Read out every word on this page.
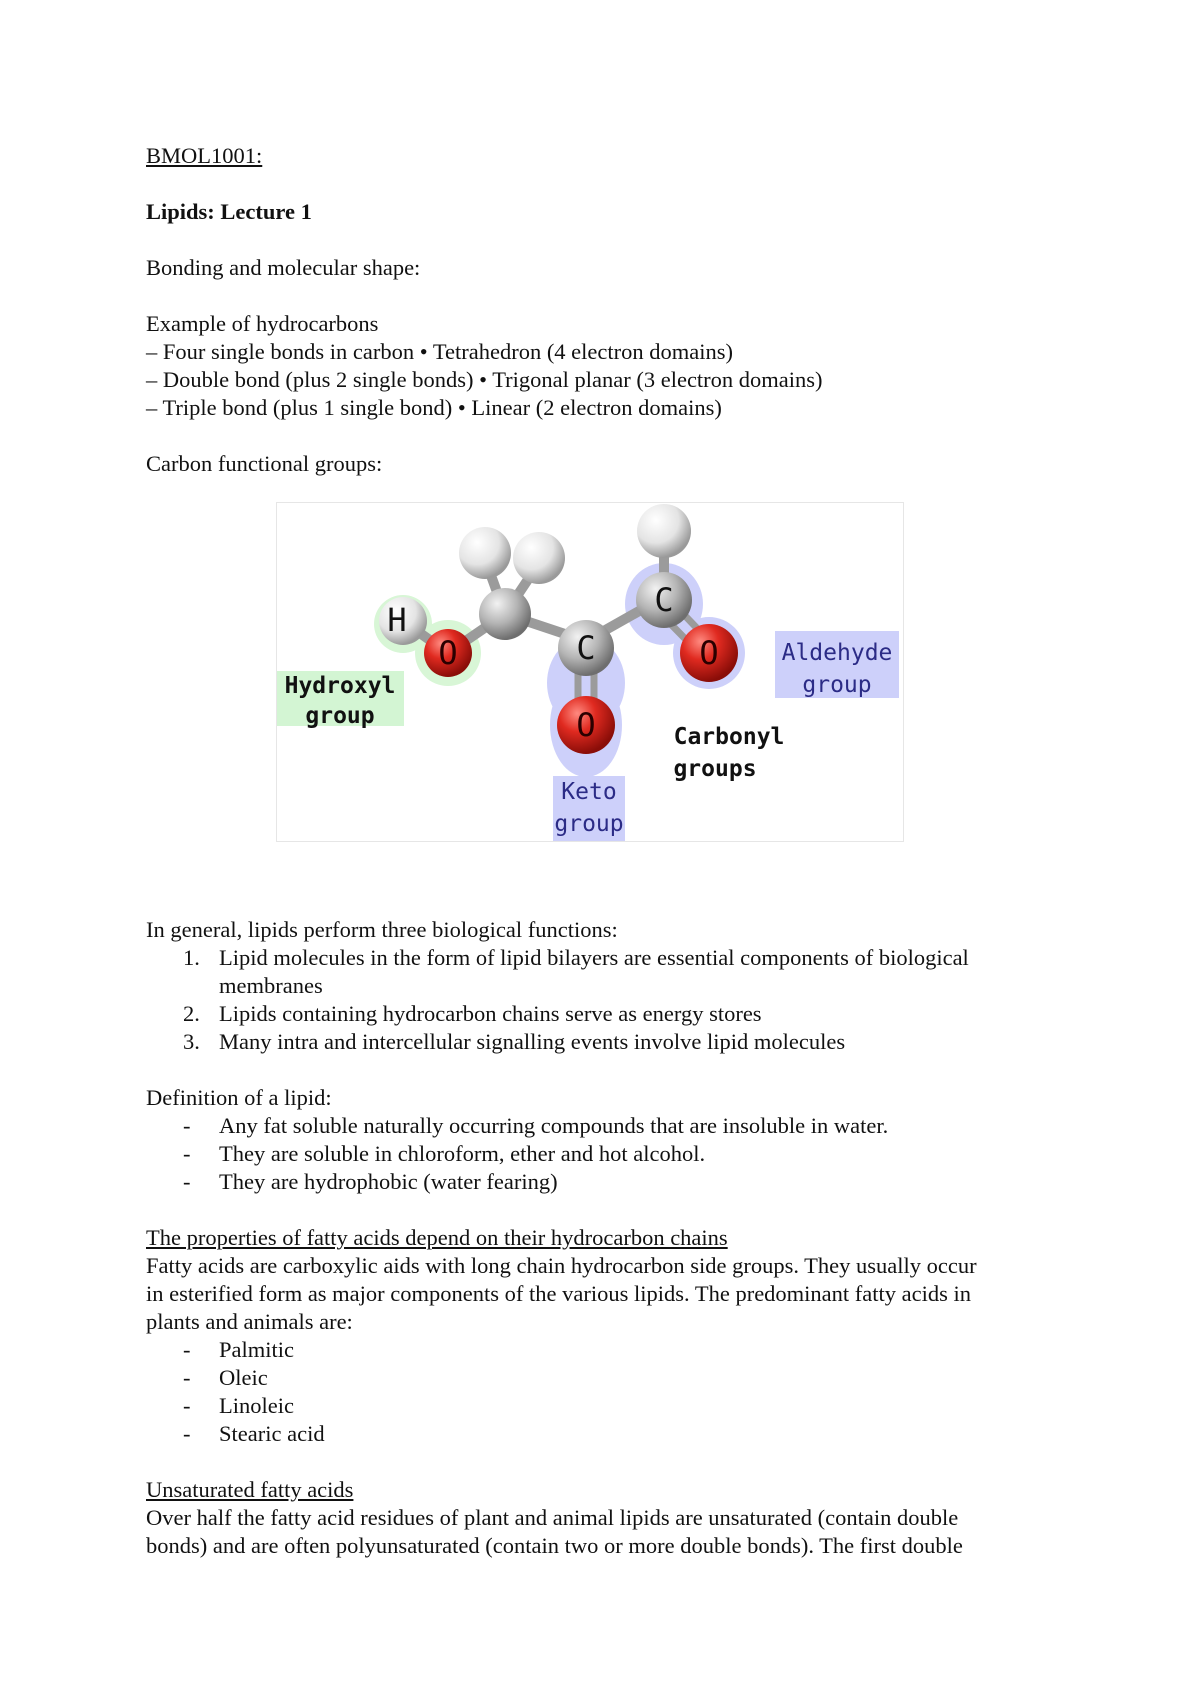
BMOL1001:

Lipids: Lecture 1

Bonding and molecular shape:

Example of hydrocarbons

– Four single bonds in carbon • Tetrahedron (4 electron domains)

– Double bond (plus 2 single bonds) • Trigonal planar (3 electron domains)

– Triple bond (plus 1 single bond) • Linear (2 electron domains)

Carbon functional groups:

In general, lipids perform three biological functions:

1. Lipid molecules in the form of lipid bilayers are essential components of biological
membranes
2. Lipids containing hydrocarbon chains serve as energy stores
3. Many intra and intercellular signalling events involve lipid molecules

Definition of a lipid:

- Any fat soluble naturally occurring compounds that are insoluble in water.
- They are soluble in chloroform, ether and hot alcohol.
- They are hydrophobic (water fearing)

The properties of fatty acids depend on their hydrocarbon chains

Fatty acids are carboxylic aids with long chain hydrocarbon side groups. They usually occur

in esterified form as major components of the various lipids. The predominant fatty acids in

plants and animals are:

- Palmitic
- Oleic
- Linoleic
- Stearic acid

Unsaturated fatty acids

Over half the fatty acid residues of plant and animal lipids are unsaturated (contain double

bonds) and are often polyunsaturated (contain two or more double bonds). The first double

H
O	C
O
C
O
Hydroxyl
group
Aldehyde
group
Keto
group
Carbonyl
groups
